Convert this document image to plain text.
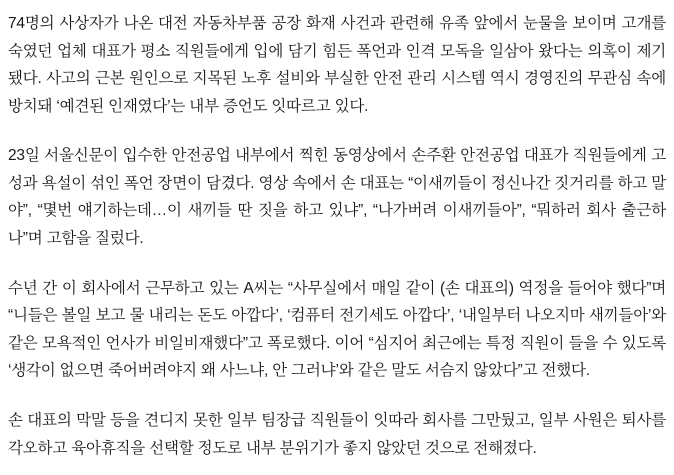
74명의 사상자가 나온 대전 자동차부품 공장 화재 사건과 관련해 유족 앞에서 눈물을 보이며 고개를 숙였던 업체 대표가 평소 직원들에게 입에 담기 힘든 폭언과 인격 모독을 일삼아 왔다는 의혹이 제기됐다. 사고의 근본 원인으로 지목된 노후 설비와 부실한 안전 관리 시스템 역시 경영진의 무관심 속에 방치돼 ‘예견된 인재였다’는 내부 증언도 잇따르고 있다.

23일 서울신문이 입수한 안전공업 내부에서 찍힌 동영상에서 손주환 안전공업 대표가 직원들에게 고성과 욕설이 섞인 폭언 장면이 담겼다. 영상 속에서 손 대표는 “이새끼들이 정신나간 짓거리를 하고 말야”, “몇번 얘기하는데…이 새끼들 딴 짓을 하고 있냐”, “나가버려 이새끼들아”, “뭐하러 회사 출근하나”며 고함을 질렀다.

수년 간 이 회사에서 근무하고 있는 A씨는 “사무실에서 매일 같이 (손 대표의) 역정을 들어야 했다”며 “니들은 볼일 보고 물 내리는 돈도 아깝다’, ‘컴퓨터 전기세도 아깝다’, ‘내일부터 나오지마 새끼들아’와 같은 모욕적인 언사가 비일비재했다”고 폭로했다. 이어 “심지어 최근에는 특정 직원이 들을 수 있도록 ‘생각이 없으면 죽어버려야지 왜 사느냐, 안 그러냐’와 같은 말도 서슴지 않았다”고 전했다.

손 대표의 막말 등을 견디지 못한 일부 팀장급 직원들이 잇따라 회사를 그만뒀고, 일부 사원은 퇴사를 각오하고 육아휴직을 선택할 정도로 내부 분위기가 좋지 않았던 것으로 전해졌다.
